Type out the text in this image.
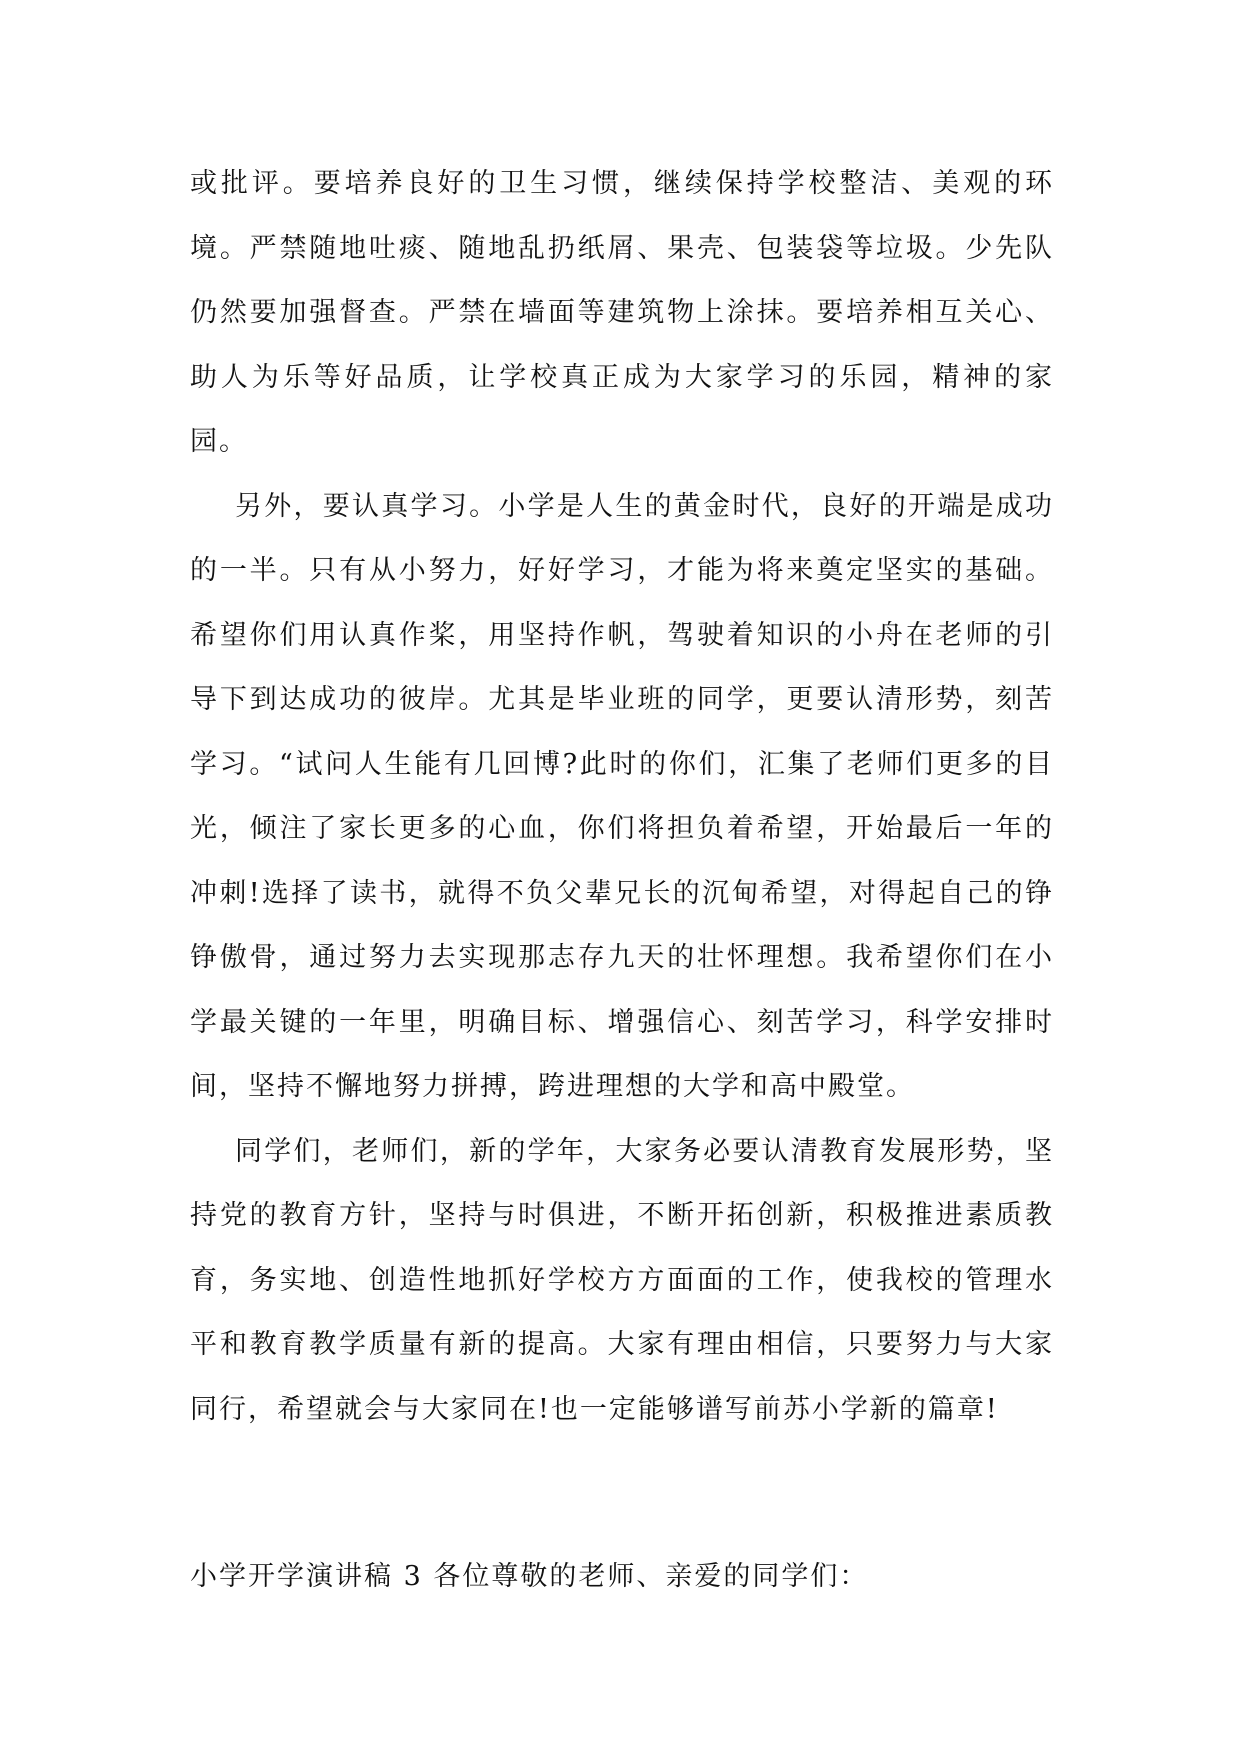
或批评。要培养良好的卫生习惯，继续保持学校整洁、美观的环境。严禁随地吐痰、随地乱扔纸屑、果壳、包装袋等垃圾。少先队仍然要加强督查。严禁在墙面等建筑物上涂抹。要培养相互关心、助人为乐等好品质，让学校真正成为大家学习的乐园，精神的家园。

另外，要认真学习。小学是人生的黄金时代，良好的开端是成功的一半。只有从小努力，好好学习，才能为将来奠定坚实的基础。希望你们用认真作桨，用坚持作帆，驾驶着知识的小舟在老师的引导下到达成功的彼岸。尤其是毕业班的同学，更要认清形势，刻苦学习。“试问人生能有几回博?此时的你们，汇集了老师们更多的目光，倾注了家长更多的心血，你们将担负着希望，开始最后一年的冲刺!选择了读书，就得不负父辈兄长的沉甸希望，对得起自己的铮铮傲骨，通过努力去实现那志存九天的壮怀理想。我希望你们在小学最关键的一年里，明确目标、增强信心、刻苦学习，科学安排时间，坚持不懈地努力拼搏，跨进理想的大学和高中殿堂。

同学们，老师们，新的学年，大家务必要认清教育发展形势，坚持党的教育方针，坚持与时俱进，不断开拓创新，积极推进素质教育，务实地、创造性地抓好学校方方面面的工作，使我校的管理水平和教育教学质量有新的提高。大家有理由相信，只要努力与大家同行，希望就会与大家同在!也一定能够谱写前苏小学新的篇章!

小学开学演讲稿 3 各位尊敬的老师、亲爱的同学们：
